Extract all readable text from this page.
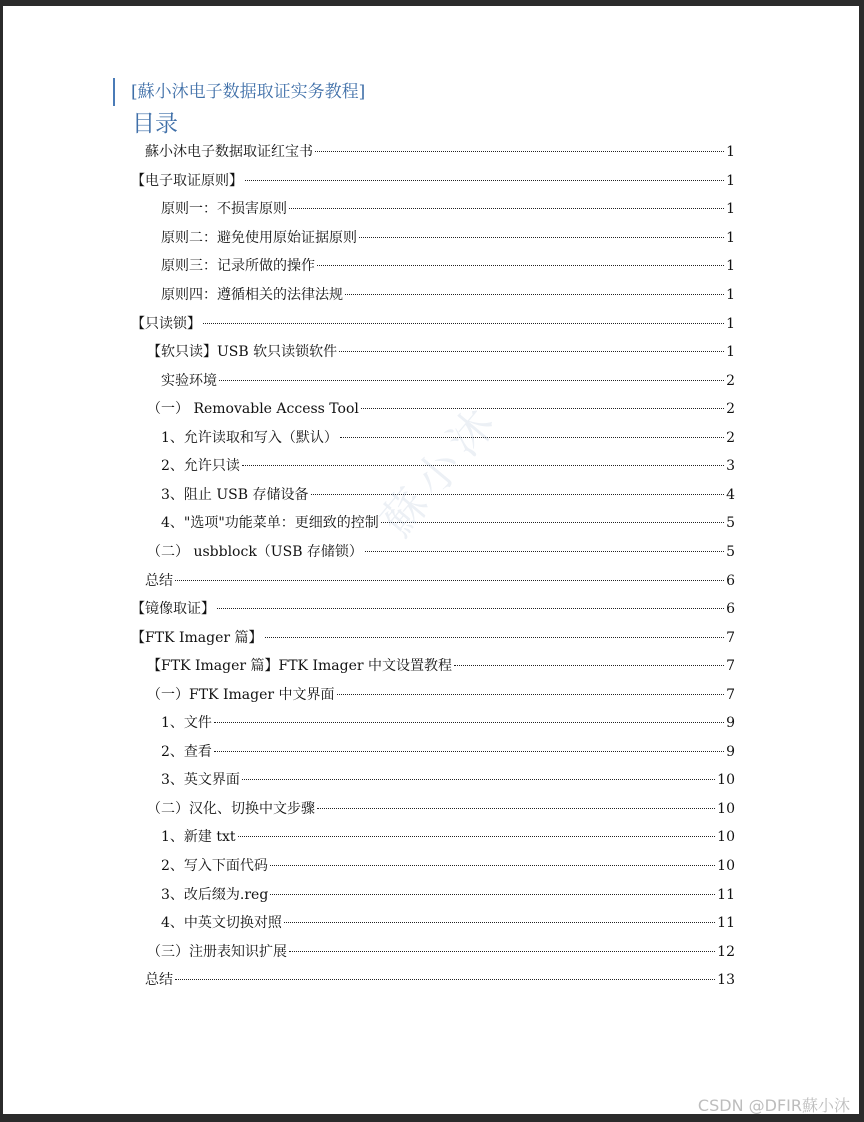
[蘇小沐电子数据取证实务教程]
目录
蘇小沐电子数据取证红宝书	1
【电子取证原则】	1
原则一：不损害原则	1
原则二：避免使用原始证据原则	1
原则三：记录所做的操作	1
原则四：遵循相关的法律法规	1
【只读锁】	1
【软只读】USB 软只读锁软件	1
实验环境	2
（一） Removable Access Tool	2
1、允许读取和写入（默认）	2
2、允许只读	3
3、阻止 USB 存储设备	4
4、"选项"功能菜单：更细致的控制	5
（二） usbblock（USB 存储锁）	5
总结	6
【镜像取证】	6
【FTK Imager 篇】	7
【FTK Imager 篇】FTK Imager 中文设置教程	7
（一）FTK Imager 中文界面	7
1、文件	9
2、查看	9
3、英文界面	10
（二）汉化、切换中文步骤	10
1、新建 txt	10
2、写入下面代码	10
3、改后缀为.reg	11
4、中英文切换对照	11
（三）注册表知识扩展	12
总结	13
蘇小沐
CSDN @DFIR蘇小沐
